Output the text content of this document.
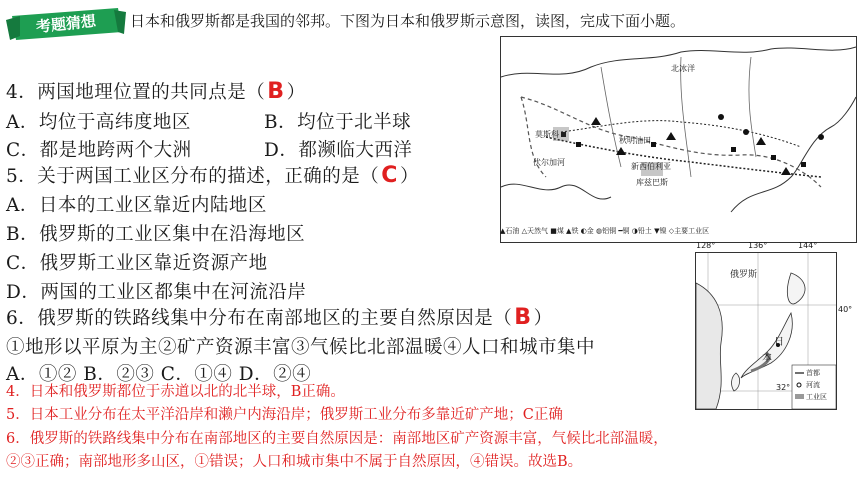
考题猜想	日本和俄罗斯都是我国的邻邦。下图为日本和俄罗斯示意图，读图，完成下面小题。
4．两国地理位置的共同点是（B ）
A．均位于高纬度地区	B．均位于北半球
C．都是地跨两个大洲	D．都濒临大西洋
5．关于两国工业区分布的描述，正确的是（C ）
A．日本的工业区靠近内陆地区
B．俄罗斯的工业区集中在沿海地区
C．俄罗斯工业区靠近资源产地
D．两国的工业区都集中在河流沿岸
6．俄罗斯的铁路线集中分布在南部地区的主要自然原因是（B ）
①地形以平原为主②矿产资源丰富③气候比北部温暖④人口和城市集中
A．①② B．②③ C．①④ D．②④
4．日本和俄罗斯都位于赤道以北的北半球，B正确。
5．日本工业分布在太平洋沿岸和濑户内海沿岸；俄罗斯工业分布多靠近矿产地；C正确
6．俄罗斯的铁路线集中分布在南部地区的主要自然原因是：南部地区矿产资源丰富，气候比北部温暖，
②③正确；南部地形多山区，①错误；人口和城市集中不属于自然原因，④错误。故选B。
北冰洋
莫斯科
伏尔加河
秋明油田
新西伯利亚
库兹巴斯
▲石油 △天然气 ■煤 ▲铁 ◐金 ◍铝铜 ━铜 ◑铅土 ▼镍 ◇主要工业区
128°	136°	144°
40°
32°
俄罗斯
本
日
首都
河流
工业区
